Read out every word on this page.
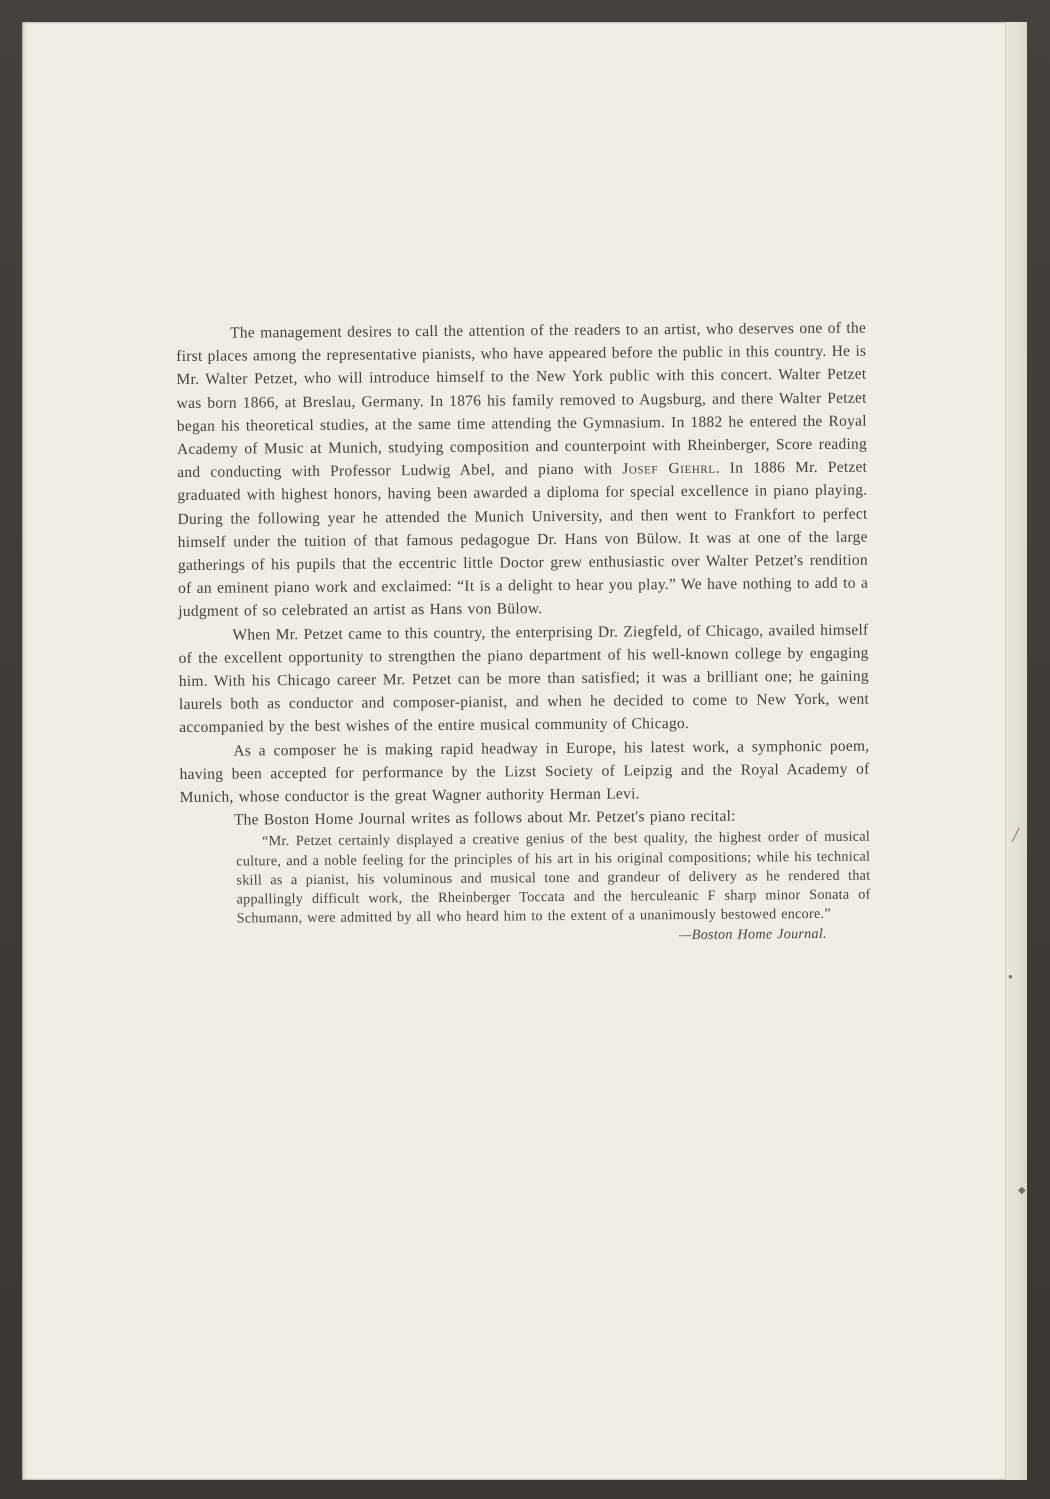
╱
●
◆

The management desires to call the attention of the readers to an artist, who deserves one of the first places among the representative pianists, who have appeared before the public in this country. He is Mr. Walter Petzet, who will introduce himself to the New York public with this concert. Walter Petzet was born 1866, at Breslau, Germany. In 1876 his family removed to Augsburg, and there Walter Petzet began his theoretical studies, at the same time attending the Gymnasium. In 1882 he entered the Royal Academy of Music at Munich, studying composition and counterpoint with Rheinberger, Score reading and conducting with Professor Ludwig Abel, and piano with Josef Giehrl. In 1886 Mr. Petzet graduated with highest honors, having been awarded a diploma for special excellence in piano playing. During the following year he attended the Munich University, and then went to Frankfort to perfect himself under the tuition of that famous pedagogue Dr. Hans von Bülow. It was at one of the large gatherings of his pupils that the eccentric little Doctor grew enthusiastic over Walter Petzet's rendition of an eminent piano work and exclaimed: “It is a delight to hear you play.” We have nothing to add to a judgment of so celebrated an artist as Hans von Bülow.

When Mr. Petzet came to this country, the enterprising Dr. Ziegfeld, of Chicago, availed himself of the excellent opportunity to strengthen the piano department of his well-known college by engaging him. With his Chicago career Mr. Petzet can be more than satisfied; it was a brilliant one; he gaining laurels both as conductor and composer-pianist, and when he decided to come to New York, went accompanied by the best wishes of the entire musical community of Chicago.

As a composer he is making rapid headway in Europe, his latest work, a symphonic poem, having been accepted for performance by the Lizst Society of Leipzig and the Royal Academy of Munich, whose conductor is the great Wagner authority Herman Levi.

The Boston Home Journal writes as follows about Mr. Petzet's piano recital:

“Mr. Petzet certainly displayed a creative genius of the best quality, the highest order of musical culture, and a noble feeling for the principles of his art in his original compositions; while his technical skill as a pianist, his voluminous and musical tone and grandeur of delivery as he rendered that appallingly difficult work, the Rheinberger Toccata and the herculeanic F sharp minor Sonata of Schumann, were admitted by all who heard him to the extent of a unanimously bestowed encore.”

—Boston Home Journal.
